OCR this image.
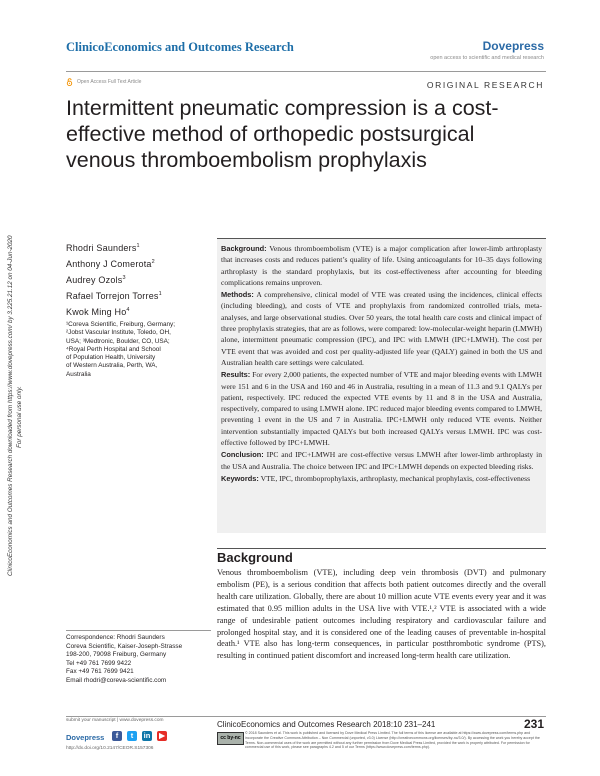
ClinicoEconomics and Outcomes Research	Dovepress
open access to scientific and medical research
Open Access Full Text Article	ORIGINAL RESEARCH
Intermittent pneumatic compression is a cost-effective method of orthopedic postsurgical venous thromboembolism prophylaxis
ClinicoEconomics and Outcomes Research downloaded from https://www.dovepress.com/ by 3.225.21.12 on 04-Jun-2020 For personal use only.
Rhodri Saunders$^1$
Anthony J Comerota$^2$
Audrey Ozols$^3$
Rafael Torrejon Torres$^1$
Kwok Ming Ho$^4$
¹Coreva Scientific, Freiburg, Germany;
²Jobst Vascular Institute, Toledo, OH,
USA; ³Medtronic, Boulder, CO, USA;
⁴Royal Perth Hospital and School
of Population Health, University
of Western Australia, Perth, WA,
Australia

Background: Venous thromboembolism (VTE) is a major complication after lower-limb arthroplasty that increases costs and reduces patient’s quality of life. Using anticoagulants for 10–35 days following arthroplasty is the standard prophylaxis, but its cost-effectiveness after accounting for bleeding complications remains unproven.

Methods: A comprehensive, clinical model of VTE was created using the incidences, clinical effects (including bleeding), and costs of VTE and prophylaxis from randomized controlled trials, meta-analyses, and large observational studies. Over 50 years, the total health care costs and clinical impact of three prophylaxis strategies, that are as follows, were compared: low-molecular-weight heparin (LMWH) alone, intermittent pneumatic compression (IPC), and IPC with LMWH (IPC+LMWH). The cost per VTE event that was avoided and cost per quality-adjusted life year (QALY) gained in both the US and Australian health care settings were calculated.

Results: For every 2,000 patients, the expected number of VTE and major bleeding events with LMWH were 151 and 6 in the USA and 160 and 46 in Australia, resulting in a mean of 11.3 and 9.1 QALYs per patient, respectively. IPC reduced the expected VTE events by 11 and 8 in the USA and Australia, respectively, compared to using LMWH alone. IPC reduced major bleeding events compared to LMWH, preventing 1 event in the US and 7 in Australia. IPC+LMWH only reduced VTE events. Neither intervention substantially impacted QALYs but both increased QALYs versus LMWH. IPC was cost-effective followed by IPC+LMWH.

Conclusion: IPC and IPC+LMWH are cost-effective versus LMWH after lower-limb arthroplasty in the USA and Australia. The choice between IPC and IPC+LMWH depends on expected bleeding risks.

Keywords: VTE, IPC, thromboprophylaxis, arthroplasty, mechanical prophylaxis, cost-effectiveness

Background
Venous thromboembolism (VTE), including deep vein thrombosis (DVT) and pulmonary embolism (PE), is a serious condition that affects both patient outcomes directly and the overall health care utilization. Globally, there are about 10 million acute VTE events every year and it was estimated that 0.95 million adults in the USA live with VTE.¹,² VTE is associated with a wide range of undesirable patient outcomes including respiratory and cardiovascular failure and prolonged hospital stay, and it is considered one of the leading causes of preventable in-hospital death.¹ VTE also has long-term consequences, in particular postthrombotic syndrome (PTS), resulting in continued patient discomfort and increased long-term health care utilization.
Correspondence: Rhodri Saunders
Coreva Scientific, Kaiser-Joseph-Strasse
198-200, 79098 Freiburg, Germany
Tel +49 761 7699 9422
Fax +49 761 7699 9421
Email rhodri@coreva-scientific.com
submit your manuscript | www.dovepress.com
Dovepress	f	t	in ▶
http://dx.doi.org/10.2147/CEOR.S157306
ClinicoEconomics and Outcomes Research 2018:10 231–241	231
cc by-nc
© 2018 Saunders et al. This work is published and licensed by Dove Medical Press Limited. The full terms of this license are available at https://www.dovepress.com/terms.php and incorporate the Creative Commons Attribution – Non Commercial (unported, v3.0) License (http://creativecommons.org/licenses/by-nc/3.0/). By accessing the work you hereby accept the Terms. Non-commercial uses of the work are permitted without any further permission from Dove Medical Press Limited, provided the work is properly attributed. For permission for commercial use of this work, please see paragraphs 4.2 and 5 of our Terms (https://www.dovepress.com/terms.php).
